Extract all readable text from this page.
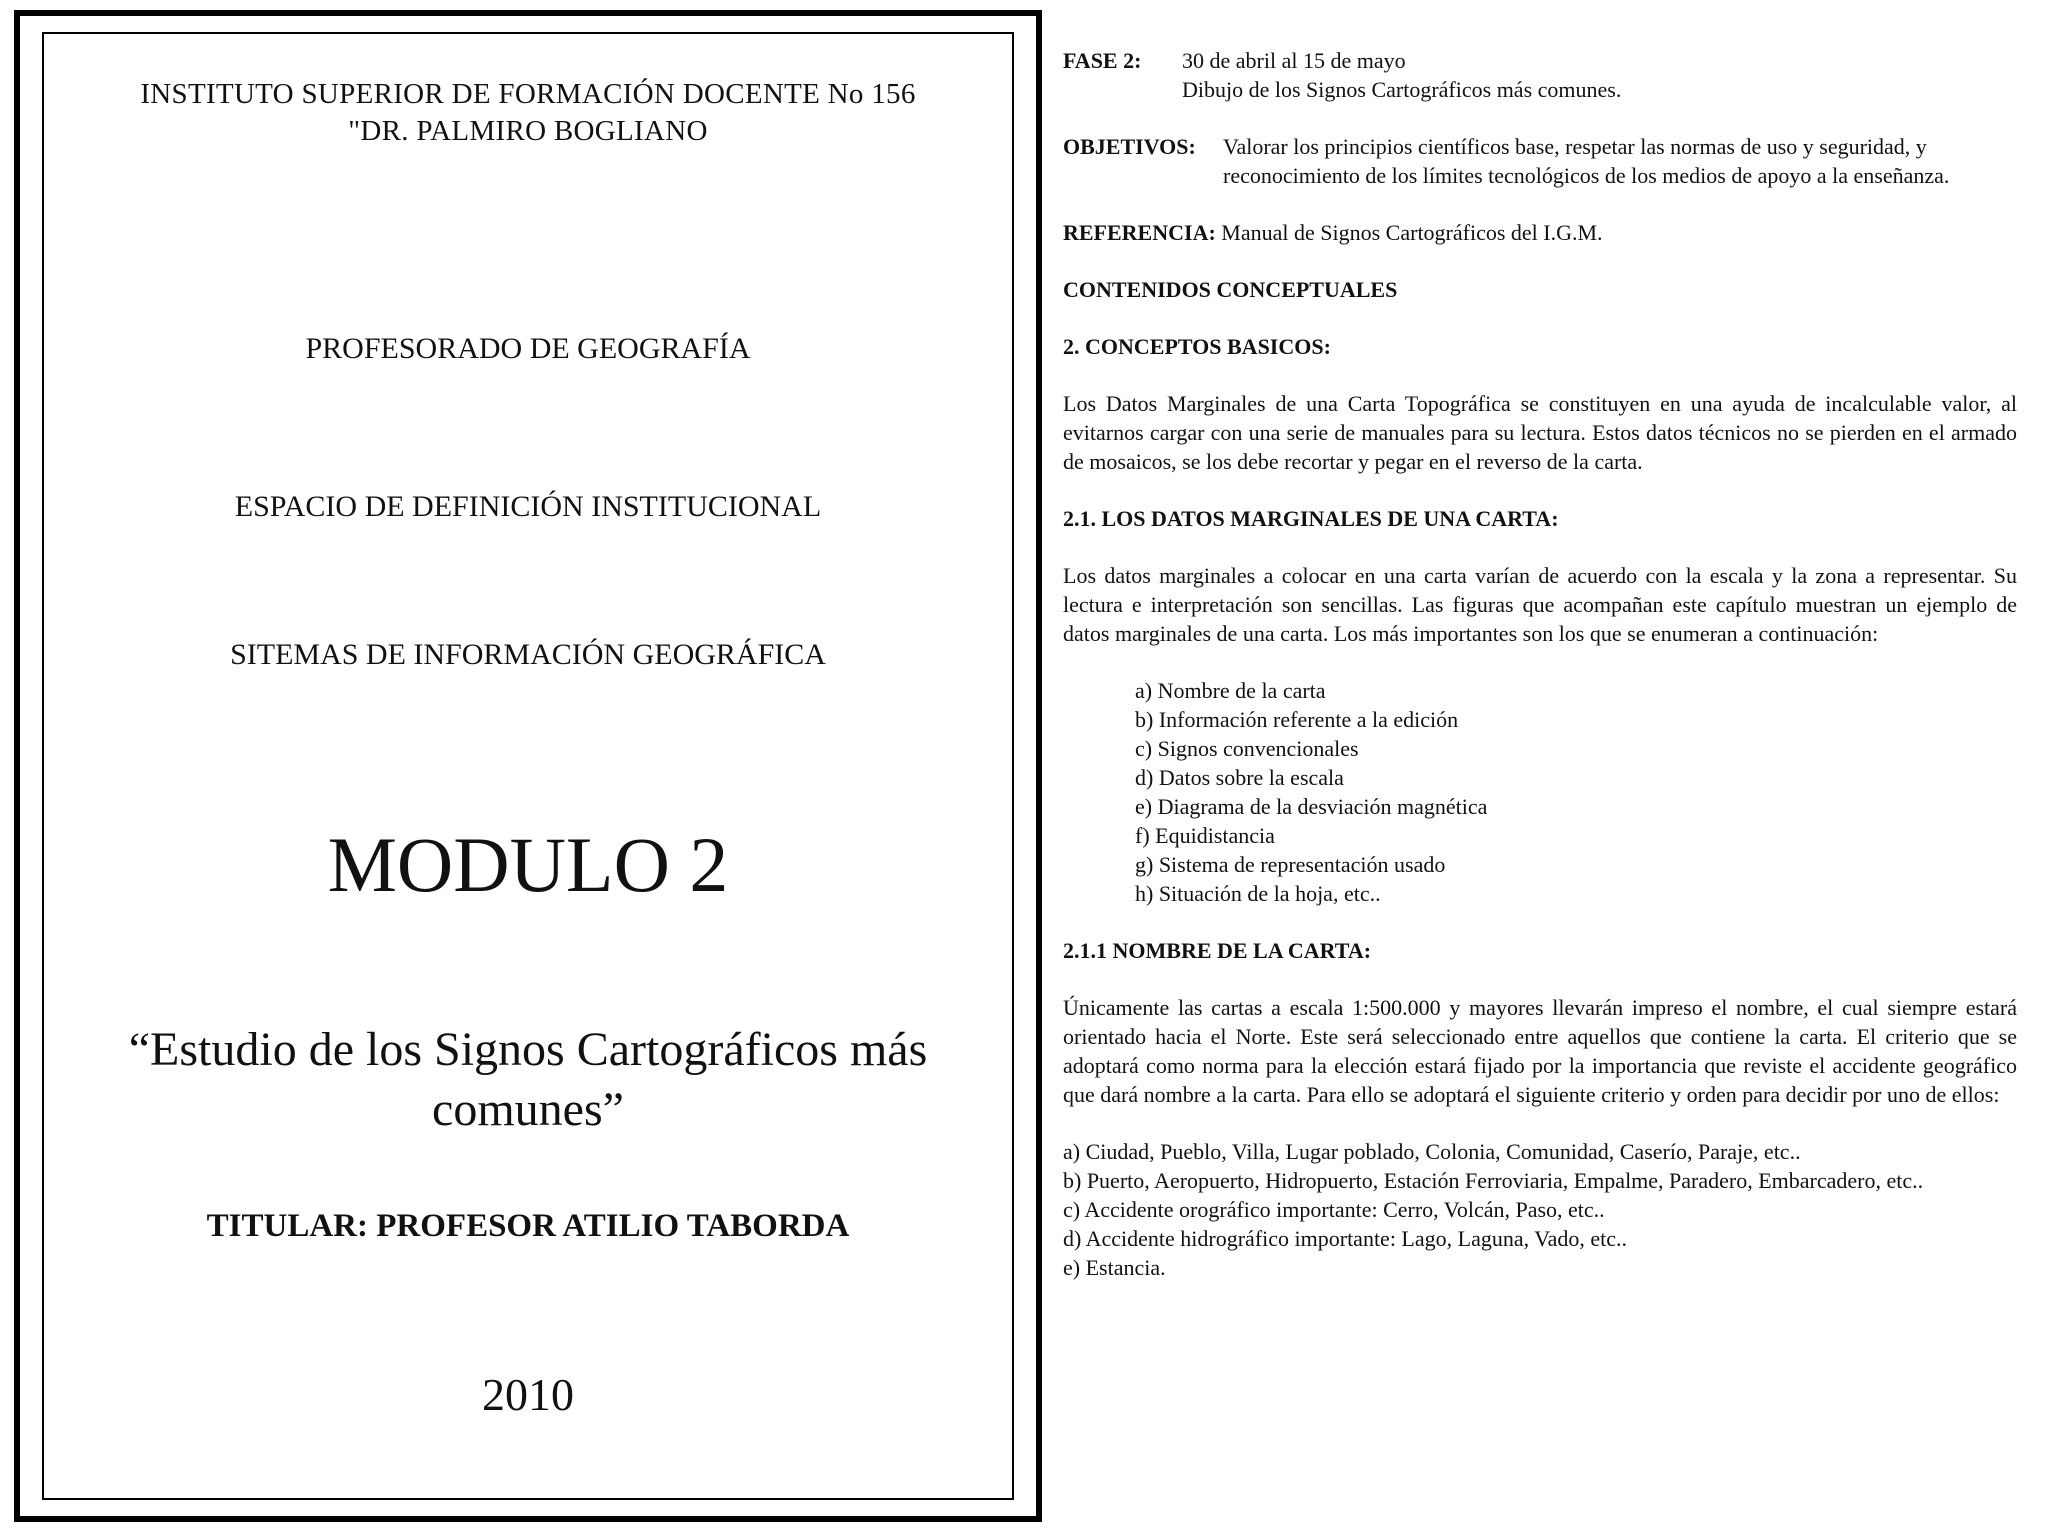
INSTITUTO SUPERIOR DE FORMACIÓN DOCENTE No 156
"DR. PALMIRO BOGLIANO
PROFESORADO DE GEOGRAFÍA
ESPACIO DE DEFINICIÓN INSTITUCIONAL
SITEMAS DE INFORMACIÓN GEOGRÁFICA
MODULO 2
“Estudio de los Signos Cartográficos más comunes”
TITULAR: PROFESOR ATILIO TABORDA
2010
FASE 2:	30 de abril al 15 de mayo
Dibujo de los Signos Cartográficos más comunes.
OBJETIVOS:	Valorar los principios científicos base, respetar las normas de uso y seguridad, y reconocimiento de los límites tecnológicos de los medios de apoyo a la enseñanza.
REFERENCIA: Manual de Signos Cartográficos del I.G.M.
CONTENIDOS CONCEPTUALES
2. CONCEPTOS BASICOS:

Los Datos Marginales de una Carta Topográfica se constituyen en una ayuda de incalculable valor, al evitarnos cargar con una serie de manuales para su lectura. Estos datos técnicos no se pierden en el armado de mosaicos, se los debe recortar y pegar en el reverso de la carta.

2.1. LOS DATOS MARGINALES DE UNA CARTA:

Los datos marginales a colocar en una carta varían de acuerdo con la escala y la zona a representar. Su lectura e interpretación son sencillas. Las figuras que acompañan este capítulo muestran un ejemplo de datos marginales de una carta. Los más importantes son los que se enumeran a continuación:

a) Nombre de la carta
b) Información referente a la edición
c) Signos convencionales
d) Datos sobre la escala
e) Diagrama de la desviación magnética
f) Equidistancia
g) Sistema de representación usado
h) Situación de la hoja, etc..
2.1.1 NOMBRE DE LA CARTA:

Únicamente las cartas a escala 1:500.000 y mayores llevarán impreso el nombre, el cual siempre estará orientado hacia el Norte. Este será seleccionado entre aquellos que contiene la carta. El criterio que se adoptará como norma para la elección estará fijado por la importancia que reviste el accidente geográfico que dará nombre a la carta. Para ello se adoptará el siguiente criterio y orden para decidir por uno de ellos:

a) Ciudad, Pueblo, Villa, Lugar poblado, Colonia, Comunidad, Caserío, Paraje, etc..
b) Puerto, Aeropuerto, Hidropuerto, Estación Ferroviaria, Empalme, Paradero, Embarcadero, etc..
c) Accidente orográfico importante: Cerro, Volcán, Paso, etc..
d) Accidente hidrográfico importante: Lago, Laguna, Vado, etc..
e) Estancia.
